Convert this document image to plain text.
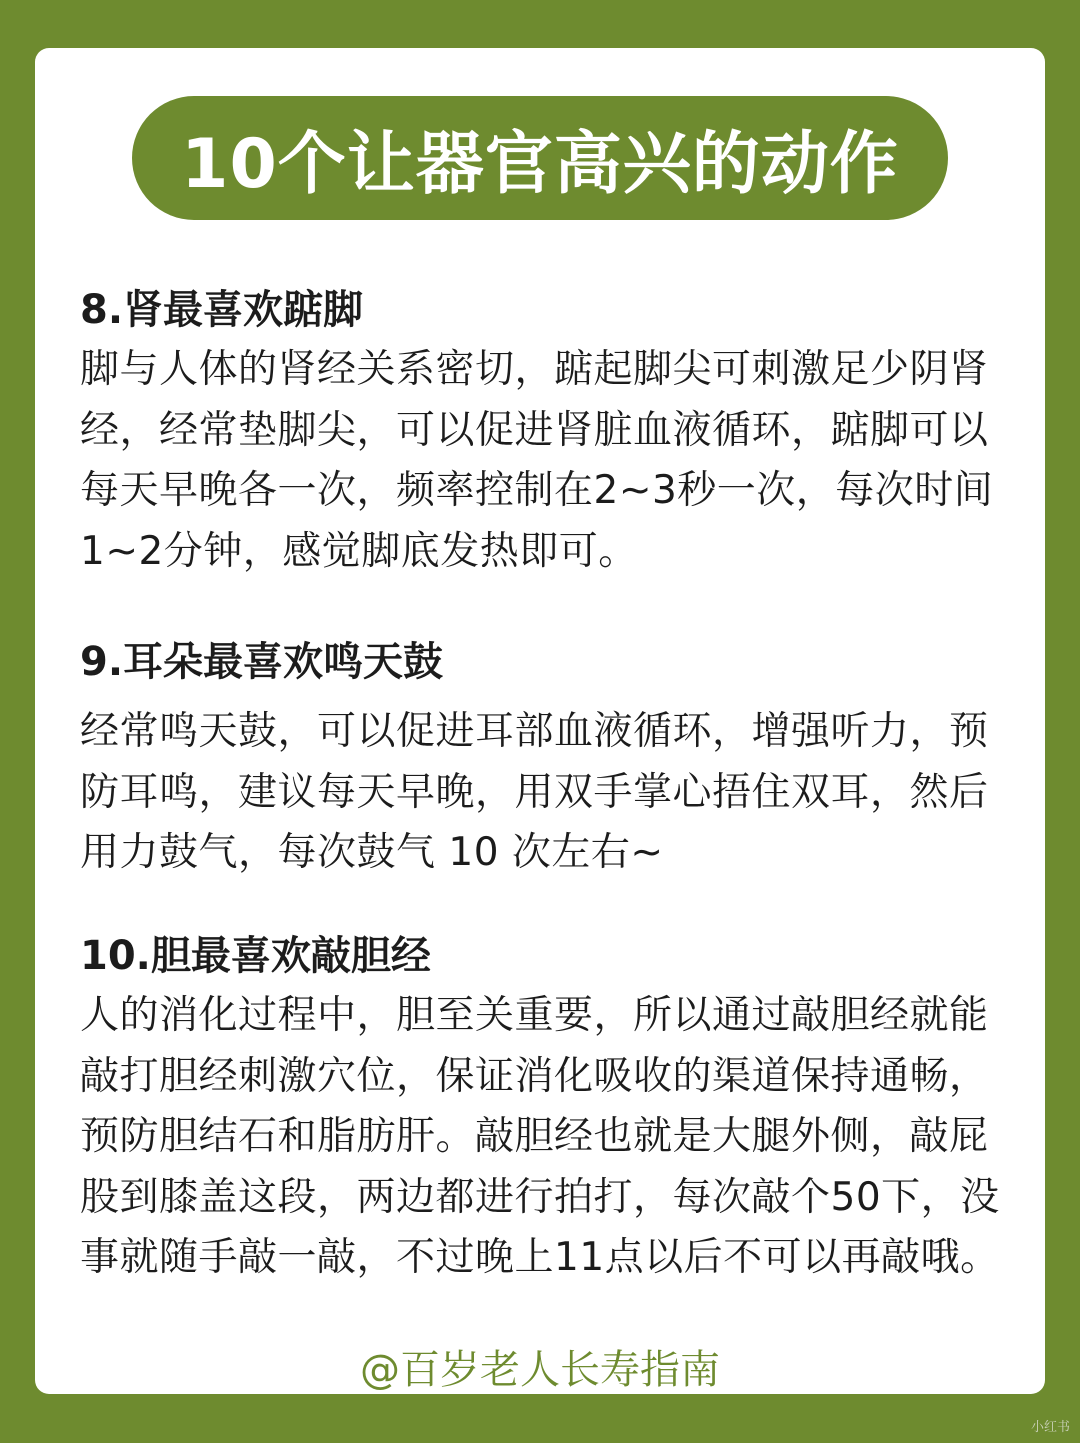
10个让器官高兴的动作

8.肾最喜欢踮脚

脚与人体的肾经关系密切，踮起脚尖可刺激足少阴肾经，经常垫脚尖，可以促进肾脏血液循环，踮脚可以每天早晚各一次，频率控制在2~3秒一次，每次时间1~2分钟，感觉脚底发热即可。

9.耳朵最喜欢鸣天鼓

经常鸣天鼓，可以促进耳部血液循环，增强听力，预防耳鸣，建议每天早晚，用双手掌心捂住双耳，然后用力鼓气，每次鼓气 10 次左右~

10.胆最喜欢敲胆经

人的消化过程中，胆至关重要，所以通过敲胆经就能敲打胆经刺激穴位，保证消化吸收的渠道保持通畅，预防胆结石和脂肪肝。敲胆经也就是大腿外侧，敲屁股到膝盖这段，两边都进行拍打，每次敲个50下，没事就随手敲一敲，不过晚上11点以后不可以再敲哦。

@百岁老人长寿指南
小红书
